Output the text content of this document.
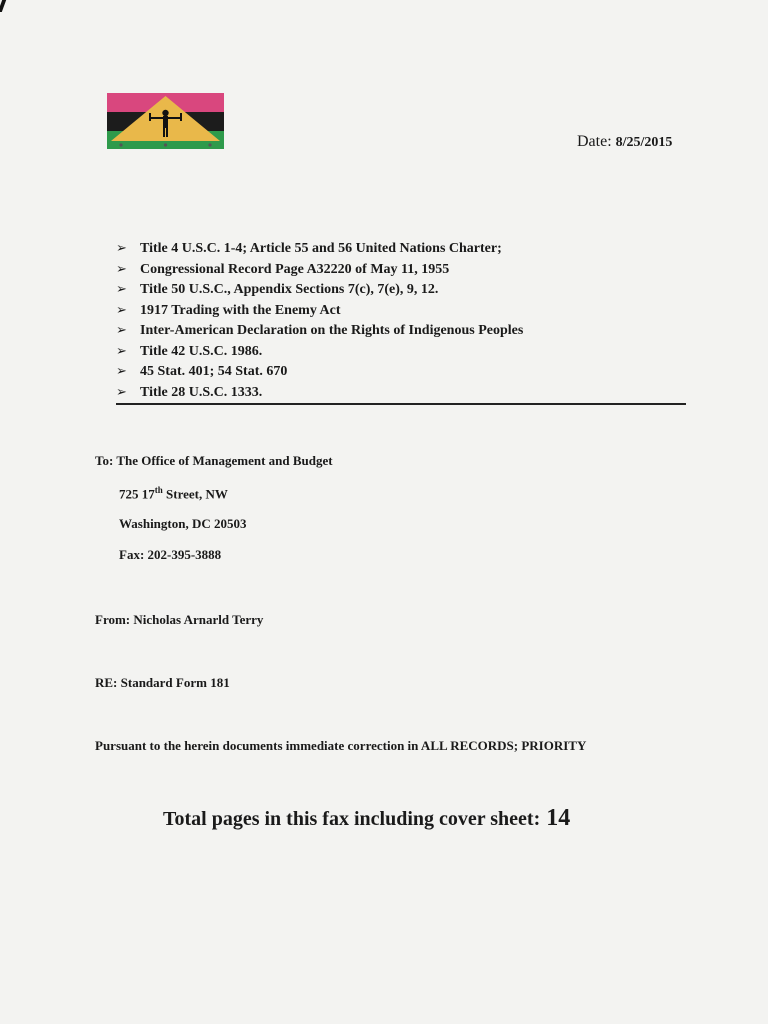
Date: 8/25/2015
➢ Title 4 U.S.C. 1-4; Article 55 and 56 United Nations Charter;
➢ Congressional Record Page A32220 of May 11, 1955
➢ Title 50 U.S.C., Appendix Sections 7(c), 7(e), 9, 12.
➢ 1917 Trading with the Enemy Act
➢ Inter-American Declaration on the Rights of Indigenous Peoples
➢ Title 42 U.S.C. 1986.
➢ 45 Stat. 401; 54 Stat. 670
➢ Title 28 U.S.C. 1333.
To: The Office of Management and Budget
725 17th Street, NW
Washington, DC 20503
Fax: 202-395-3888
From: Nicholas Arnarld Terry
RE: Standard Form 181
Pursuant to the herein documents immediate correction in ALL RECORDS; PRIORITY
Total pages in this fax including cover sheet: 14
